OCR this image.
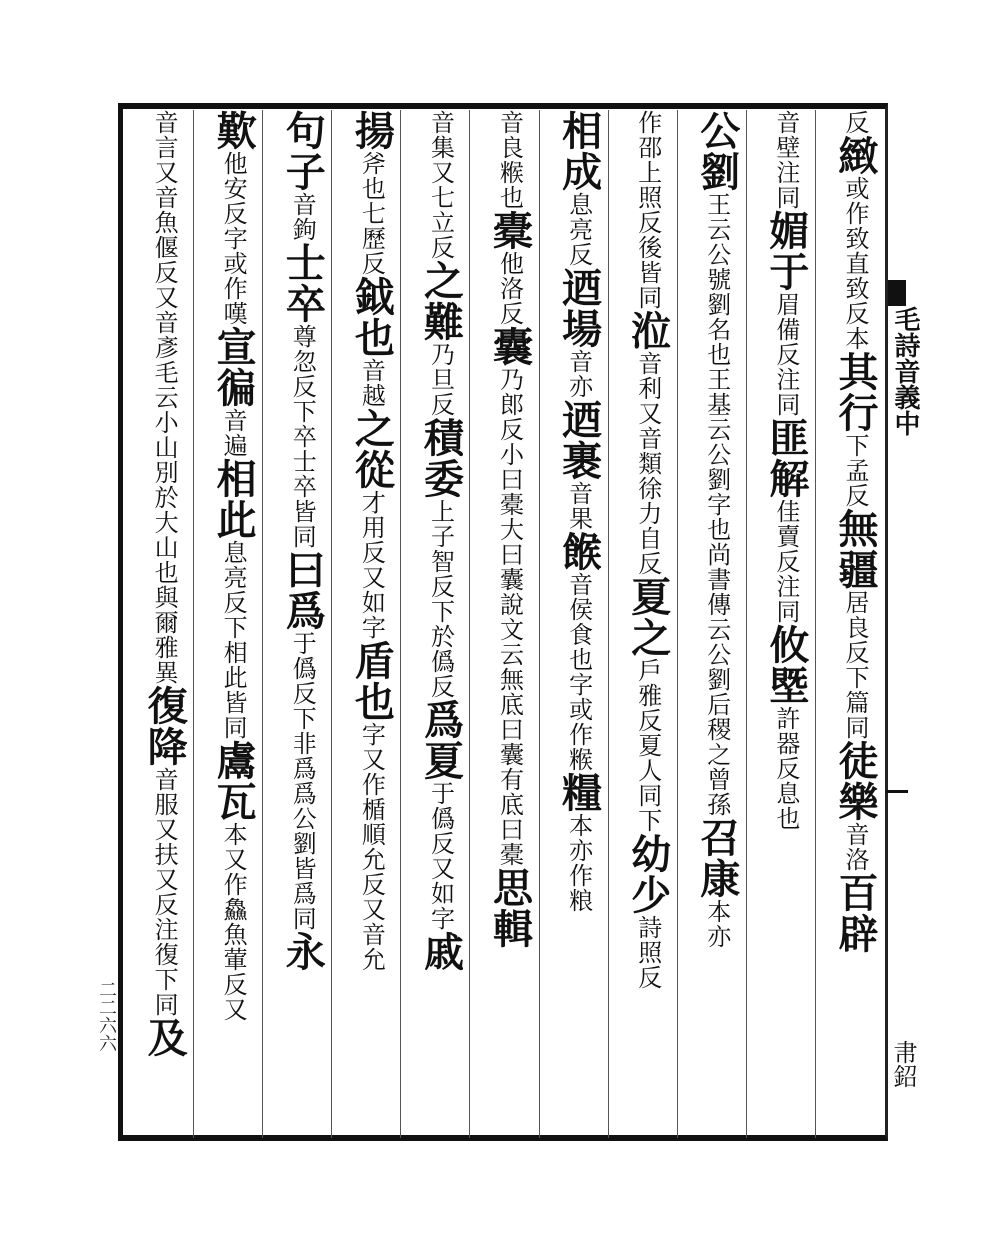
毛詩音義中
帇鉊
二二六六
反緻或作致直致反本其行下孟反無疆居良反下篇同徒樂音洛百辟
音壁注同媚于眉備反注同匪解佳賣反注同攸塈許器反息也
公劉王云公號劉名也王基云公劉字也尚書傳云公劉后稷之曾孫召康本亦
作邵上照反後皆同涖音利又音類徐力自反夏之戶雅反夏人同下幼少詩照反
相成息亮反迺場音亦迺裹音果餱音侯食也字或作糇糧本亦作粮
音良糇也橐他洛反囊乃郎反小曰橐大曰囊說文云無底曰囊有底曰橐思輯
音集又七立反之難乃旦反積委上子智反下於僞反爲夏于僞反又如字戚
揚斧也七歷反鉞也音越之從才用反又如字盾也字又作楯順允反又音允
句子音鉤士卒尊忽反下卒士卒皆同曰爲于僞反下非爲爲公劉皆爲同永
歎他安反字或作嘆宣徧音遍相此息亮反下相此皆同鬳瓦本又作鱻魚葷反又
音言又音魚偃反又音彥毛云小山別於大山也與爾雅異復降音服又扶又反注復下同及
